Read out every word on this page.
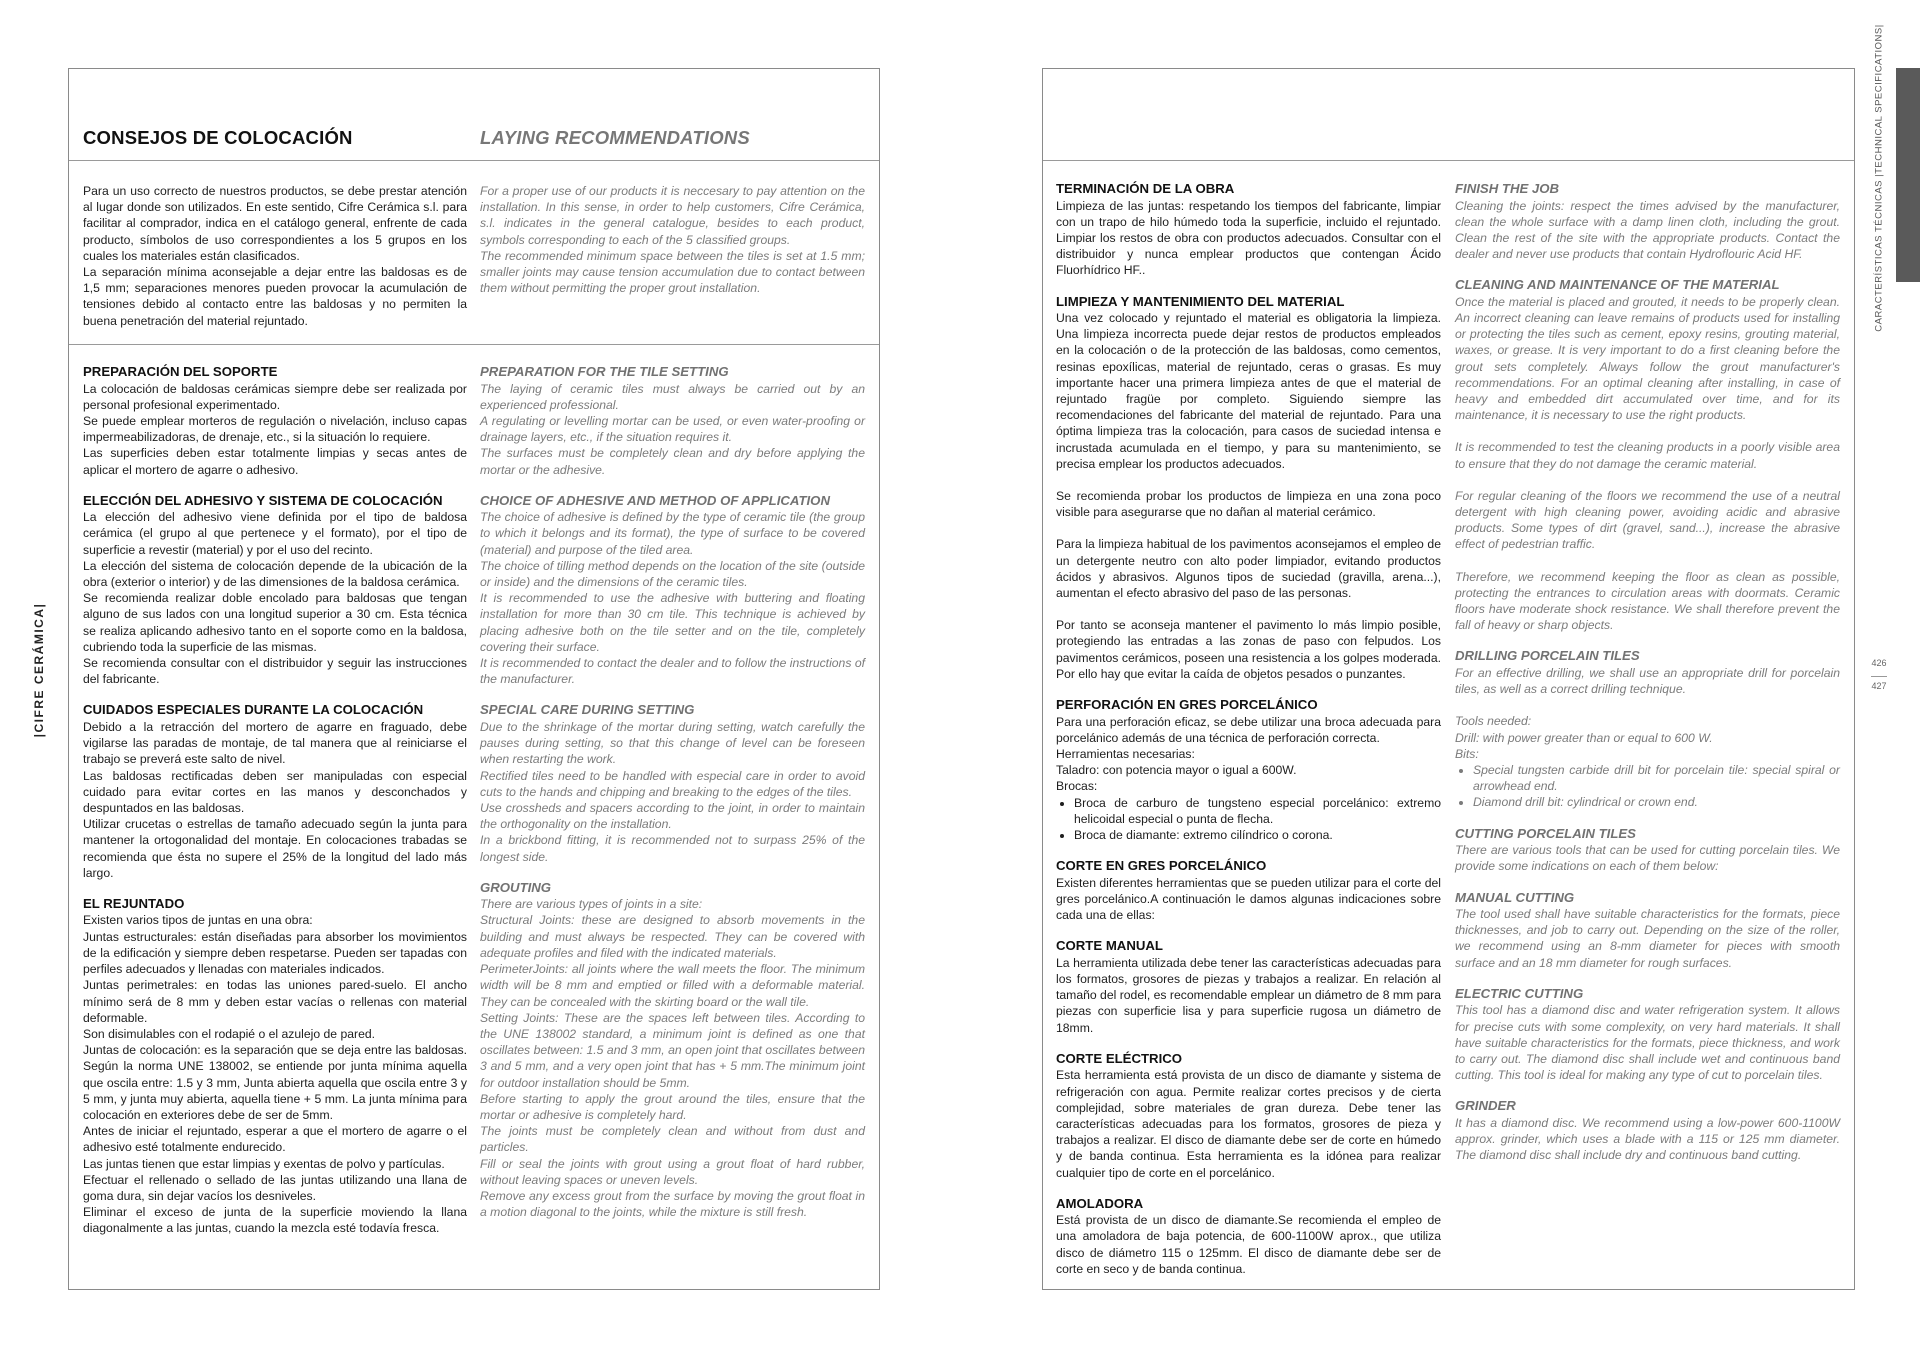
|CIFRE CERÁMICA|
CONSEJOS DE COLOCACIÓN	LAYING RECOMMENDATIONS

Para un uso correcto de nuestros productos, se debe prestar atención al lugar donde son utilizados. En este sentido, Cifre Cerámica s.l. para facilitar al comprador, indica en el catálogo general, enfrente de cada producto, símbolos de uso correspondientes a los 5 grupos en los cuales los materiales están clasificados.

La separación mínima aconsejable a dejar entre las baldosas es de 1,5 mm; separaciones menores pueden provocar la acumulación de tensiones debido al contacto entre las baldosas y no permiten la buena penetración del material rejuntado.

For a proper use of our products it is neccesary to pay attention on the installation. In this sense, in order to help customers, Cifre Cerámica, s.l. indicates in the general catalogue, besides to each product, symbols corresponding to each of the 5 classified groups.

The recommended minimum space between the tiles is set at 1.5 mm; smaller joints may cause tension accumulation due to contact between them without permitting the proper grout installation.

PREPARACIÓN DEL SOPORTE

La colocación de baldosas cerámicas siempre debe ser realizada por personal profesional experimentado.

Se puede emplear morteros de regulación o nivelación, incluso capas impermeabilizadoras, de drenaje, etc., si la situación lo requiere.

Las superficies deben estar totalmente limpias y secas antes de aplicar el mortero de agarre o adhesivo.

ELECCIÓN DEL ADHESIVO Y SISTEMA DE COLOCACIÓN

La elección del adhesivo viene definida por el tipo de baldosa cerámica (el grupo al que pertenece y el formato), por el tipo de superficie a revestir (material) y por el uso del recinto.

La elección del sistema de colocación depende de la ubicación de la obra (exterior o interior) y de las dimensiones de la baldosa cerámica.

Se recomienda realizar doble encolado para baldosas que tengan alguno de sus lados con una longitud superior a 30 cm. Esta técnica se realiza aplicando adhesivo tanto en el soporte como en la baldosa, cubriendo toda la superficie de las mismas.

Se recomienda consultar con el distribuidor y seguir las instrucciones del fabricante.

CUIDADOS ESPECIALES DURANTE LA COLOCACIÓN

Debido a la retracción del mortero de agarre en fraguado, debe vigilarse las paradas de montaje, de tal manera que al reiniciarse el trabajo se preverá este salto de nivel.

Las baldosas rectificadas deben ser manipuladas con especial cuidado para evitar cortes en las manos y desconchados y despuntados en las baldosas.

Utilizar crucetas o estrellas de tamaño adecuado según la junta para mantener la ortogonalidad del montaje. En colocaciones trabadas se recomienda que ésta no supere el 25% de la longitud del lado más largo.

EL REJUNTADO

Existen varios tipos de juntas en una obra:

Juntas estructurales: están diseñadas para absorber los movimientos de la edificación y siempre deben respetarse. Pueden ser tapadas con perfiles adecuados y llenadas con materiales indicados.

Juntas perimetrales: en todas las uniones pared-suelo. El ancho mínimo será de 8 mm y deben estar vacías o rellenas con material deformable.

Son disimulables con el rodapié o el azulejo de pared.

Juntas de colocación: es la separación que se deja entre las baldosas. Según la norma UNE 138002, se entiende por junta mínima aquella que oscila entre: 1.5 y 3 mm, Junta abierta aquella que oscila entre 3 y 5 mm, y junta muy abierta, aquella tiene + 5 mm. La junta mínima para colocación en exteriores debe de ser de 5mm.

Antes de iniciar el rejuntado, esperar a que el mortero de agarre o el adhesivo esté totalmente endurecido.

Las juntas tienen que estar limpias y exentas de polvo y partículas.

Efectuar el rellenado o sellado de las juntas utilizando una llana de goma dura, sin dejar vacíos los desniveles.

Eliminar el exceso de junta de la superficie moviendo la llana diagonalmente a las juntas, cuando la mezcla esté todavía fresca.

PREPARATION FOR THE TILE SETTING

The laying of ceramic tiles must always be carried out by an experienced professional.

A regulating or levelling mortar can be used, or even water-proofing or drainage layers, etc., if the situation requires it.

The surfaces must be completely clean and dry before applying the mortar or the adhesive.

CHOICE OF ADHESIVE AND METHOD OF APPLICATION

The choice of adhesive is defined by the type of ceramic tile (the group to which it belongs and its format), the type of surface to be covered (material) and purpose of the tiled area.

The choice of tilling method depends on the location of the site (outside or inside) and the dimensions of the ceramic tiles.

It is recommended to use the adhesive with buttering and floating installation for more than 30 cm tile. This technique is achieved by placing adhesive both on the tile setter and on the tile, completely covering their surface.

It is recommended to contact the dealer and to follow the instructions of the manufacturer.

SPECIAL CARE DURING SETTING

Due to the shrinkage of the mortar during setting, watch carefully the pauses during setting, so that this change of level can be foreseen when restarting the work.

Rectified tiles need to be handled with especial care in order to avoid cuts to the hands and chipping and breaking to the edges of the tiles.

Use crossheds and spacers according to the joint, in order to maintain the orthogonality on the installation.

In a brickbond fitting, it is recommended not to surpass 25% of the longest side.

GROUTING

There are various types of joints in a site:

Structural Joints: these are designed to absorb movements in the building and must always be respected. They can be covered with adequate profiles and filed with the indicated materials.

PerimeterJoints: all joints where the wall meets the floor. The minimum width will be 8 mm and emptied or filled with a deformable material. They can be concealed with the skirting board or the wall tile.

Setting Joints: These are the spaces left between tiles. According to the UNE 138002 standard, a minimum joint is defined as one that oscillates between: 1.5 and 3 mm, an open joint that oscillates between 3 and 5 mm, and a very open joint that has + 5 mm.The minimum joint for outdoor installation should be 5mm.

Before starting to apply the grout around the tiles, ensure that the mortar or adhesive is completely hard.

The joints must be completely clean and without from dust and particles.

Fill or seal the joints with grout using a grout float of hard rubber, without leaving spaces or uneven levels.

Remove any excess grout from the surface by moving the grout float in a motion diagonal to the joints, while the mixture is still fresh.

TERMINACIÓN DE LA OBRA

Limpieza de las juntas: respetando los tiempos del fabricante, limpiar con un trapo de hilo húmedo toda la superficie, incluido el rejuntado. Limpiar los restos de obra con productos adecuados. Consultar con el distribuidor y nunca emplear productos que contengan Ácido Fluorhídrico HF..

LIMPIEZA Y MANTENIMIENTO DEL MATERIAL

Una vez colocado y rejuntado el material es obligatoria la limpieza. Una limpieza incorrecta puede dejar restos de productos empleados en la colocación o de la protección de las baldosas, como cementos, resinas epoxílicas, material de rejuntado, ceras o grasas. Es muy importante hacer una primera limpieza antes de que el material de rejuntado fragüe por completo. Siguiendo siempre las recomendaciones del fabricante del material de rejuntado. Para una óptima limpieza tras la colocación, para casos de suciedad intensa e incrustada acumulada en el tiempo, y para su mantenimiento, se precisa emplear los productos adecuados.

Se recomienda probar los productos de limpieza en una zona poco visible para asegurarse que no dañan al material cerámico.

Para la limpieza habitual de los pavimentos aconsejamos el empleo de un detergente neutro con alto poder limpiador, evitando productos ácidos y abrasivos. Algunos tipos de suciedad (gravilla, arena...), aumentan el efecto abrasivo del paso de las personas.

Por tanto se aconseja mantener el pavimento lo más limpio posible, protegiendo las entradas a las zonas de paso con felpudos. Los pavimentos cerámicos, poseen una resistencia a los golpes moderada. Por ello hay que evitar la caída de objetos pesados o punzantes.

PERFORACIÓN EN GRES PORCELÁNICO

Para una perforación eficaz, se debe utilizar una broca adecuada para porcelánico además de una técnica de perforación correcta.

Herramientas necesarias:

Taladro: con potencia mayor o igual a 600W.

Brocas:

• Broca de carburo de tungsteno especial porcelánico: extremo helicoidal especial o punta de flecha.
• Broca de diamante: extremo cilíndrico o corona.

CORTE EN GRES PORCELÁNICO

Existen diferentes herramientas que se pueden utilizar para el corte del gres porcelánico.A continuación le damos algunas indicaciones sobre cada una de ellas:

CORTE MANUAL

La herramienta utilizada debe tener las características adecuadas para los formatos, grosores de piezas y trabajos a realizar. En relación al tamaño del rodel, es recomendable emplear un diámetro de 8 mm para piezas con superficie lisa y para superficie rugosa un diámetro de 18mm.

CORTE ELÉCTRICO

Esta herramienta está provista de un disco de diamante y sistema de refrigeración con agua. Permite realizar cortes precisos y de cierta complejidad, sobre materiales de gran dureza. Debe tener las características adecuadas para los formatos, grosores de pieza y trabajos a realizar. El disco de diamante debe ser de corte en húmedo y de banda continua. Esta herramienta es la idónea para realizar cualquier tipo de corte en el porcelánico.

AMOLADORA

Está provista de un disco de diamante.Se recomienda el empleo de una amoladora de baja potencia, de 600-1100W aprox., que utiliza disco de diámetro 115 o 125mm. El disco de diamante debe ser de corte en seco y de banda continua.

FINISH THE JOB

Cleaning the joints: respect the times advised by the manufacturer, clean the whole surface with a damp linen cloth, including the grout. Clean the rest of the site with the appropriate products. Contact the dealer and never use products that contain Hydroflouric Acid HF.

CLEANING AND MAINTENANCE OF THE MATERIAL

Once the material is placed and grouted, it needs to be properly clean. An incorrect cleaning can leave remains of products used for installing or protecting the tiles such as cement, epoxy resins, grouting material, waxes, or grease. It is very important to do a first cleaning before the grout sets completely. Always follow the grout manufacturer's recommendations. For an optimal cleaning after installing, in case of heavy and embedded dirt accumulated over time, and for its maintenance, it is necessary to use the right products.

It is recommended to test the cleaning products in a poorly visible area to ensure that they do not damage the ceramic material.

For regular cleaning of the floors we recommend the use of a neutral detergent with high cleaning power, avoiding acidic and abrasive products. Some types of dirt (gravel, sand...), increase the abrasive effect of pedestrian traffic.

Therefore, we recommend keeping the floor as clean as possible, protecting the entrances to circulation areas with doormats. Ceramic floors have moderate shock resistance. We shall therefore prevent the fall of heavy or sharp objects.

DRILLING PORCELAIN TILES

For an effective drilling, we shall use an appropriate drill for porcelain tiles, as well as a correct drilling technique.

Tools needed:

Drill: with power greater than or equal to 600 W.

Bits:

• Special tungsten carbide drill bit for porcelain tile: special spiral or arrowhead end.
• Diamond drill bit: cylindrical or crown end.

CUTTING PORCELAIN TILES

There are various tools that can be used for cutting porcelain tiles. We provide some indications on each of them below:

MANUAL CUTTING

The tool used shall have suitable characteristics for the formats, piece thicknesses, and job to carry out. Depending on the size of the roller, we recommend using an 8-mm diameter for pieces with smooth surface and an 18 mm diameter for rough surfaces.

ELECTRIC CUTTING

This tool has a diamond disc and water refrigeration system. It allows for precise cuts with some complexity, on very hard materials. It shall have suitable characteristics for the formats, piece thickness, and work to carry out. The diamond disc shall include wet and continuous band cutting. This tool is ideal for making any type of cut to porcelain tiles.

GRINDER

It has a diamond disc. We recommend using a low-power 600-1100W approx. grinder, which uses a blade with a 115 or 125 mm diameter. The diamond disc shall include dry and continuous band cutting.

CARACTERÍSTICAS TÉCNICAS |TECHNICAL SPECIFICATIONS|
426
427
